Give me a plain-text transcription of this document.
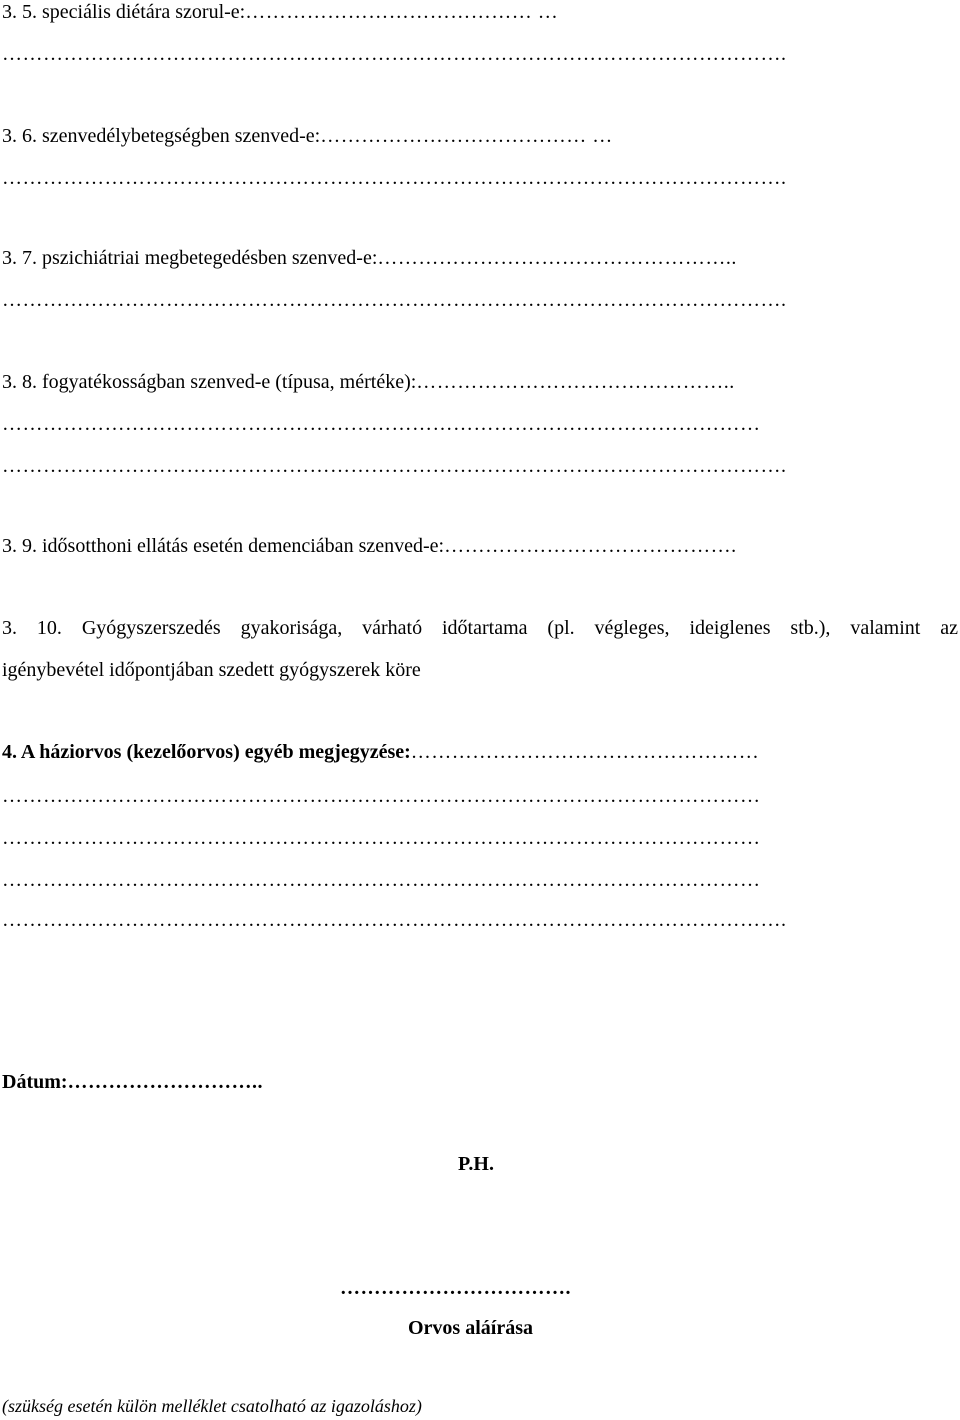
3. 5. speciális diétára szorul-e:…………………………………… …
…………………………………………………………………………………………………….
3. 6. szenvedélybetegségben szenved-e:………………………………… …
…………………………………………………………………………………………………….
3. 7. pszichiátriai megbetegedésben szenved-e:……………………………………………..
…………………………………………………………………………………………………….
3. 8. fogyatékosságban szenved-e (típusa, mértéke):………………………………………..
…………………………………………………………………………………………………
…………………………………………………………………………………………………….
3. 9. idősotthoni ellátás esetén demenciában szenved-e:…………………………………….
3. 10. Gyógyszerszedés gyakorisága, várható időtartama (pl. végleges, ideiglenes stb.), valamint az
igénybevétel időpontjában szedett gyógyszerek köre
4. A háziorvos (kezelőorvos) egyéb megjegyzése:……………………………………………
…………………………………………………………………………………………………
…………………………………………………………………………………………………
…………………………………………………………………………………………………
…………………………………………………………………………………………………….
Dátum:………………………..
P.H.
…………………………….
Orvos aláírása
(szükség esetén külön melléklet csatolható az igazoláshoz)
